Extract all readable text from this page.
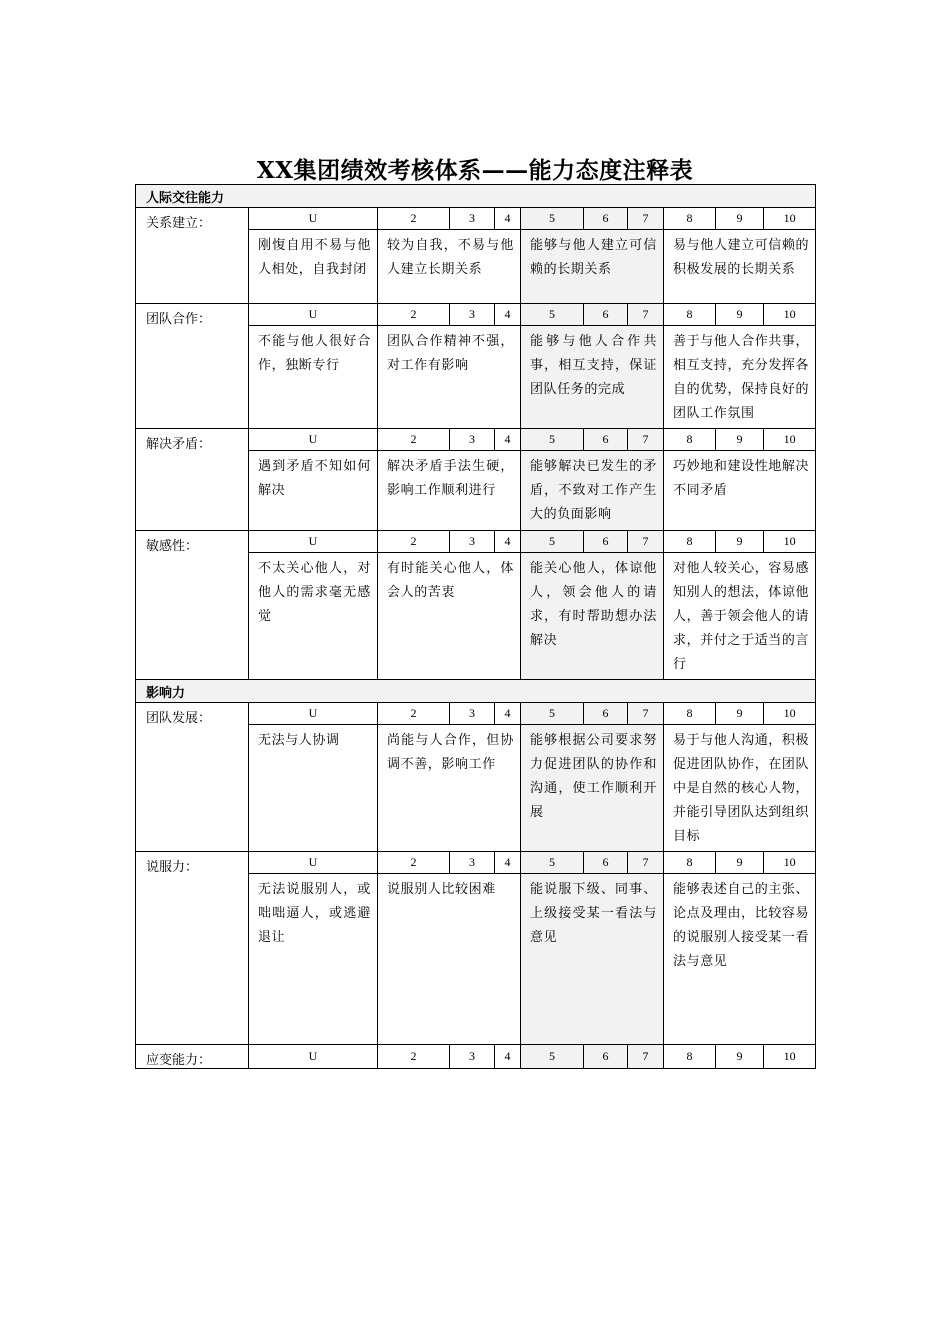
XX集团绩效考核体系——能力态度注释表
人际交往能力										
关系建立：	U	2	3	4	5	6	7	8	9	10
	刚愎自用不易与他人相处，自我封闭	较为自我，不易与他人建立长期关系			能够与他人建立可信赖的长期关系			易与他人建立可信赖的积极发展的长期关系		
团队合作：	U	2	3	4	5	6	7	8	9	10
	不能与他人很好合作，独断专行	团队合作精神不强，对工作有影响			能够与他人合作共事，相互支持，保证团队任务的完成			善于与他人合作共事，相互支持，充分发挥各自的优势，保持良好的团队工作氛围		
解决矛盾：	U	2	3	4	5	6	7	8	9	10
	遇到矛盾不知如何解决	解决矛盾手法生硬，影响工作顺利进行			能够解决已发生的矛盾，不致对工作产生大的负面影响			巧妙地和建设性地解决不同矛盾		
敏感性：	U	2	3	4	5	6	7	8	9	10
	不太关心他人，对他人的需求毫无感觉	有时能关心他人，体会人的苦衷			能关心他人，体谅他人，领会他人的请求，有时帮助想办法解决			对他人较关心，容易感知别人的想法，体谅他人，善于领会他人的请求，并付之于适当的言行		
影响力										
团队发展：	U	2	3	4	5	6	7	8	9	10
	无法与人协调	尚能与人合作，但协调不善，影响工作			能够根据公司要求努力促进团队的协作和沟通，使工作顺利开展			易于与他人沟通，积极促进团队协作，在团队中是自然的核心人物，并能引导团队达到组织目标		
说服力：	U	2	3	4	5	6	7	8	9	10
	无法说服别人，或咄咄逼人，或逃避退让	说服别人比较困难			能说服下级、同事、上级接受某一看法与意见			能够表述自己的主张、论点及理由，比较容易的说服别人接受某一看法与意见		
应变能力：	U	2	3	4	5	6	7	8	9	10
